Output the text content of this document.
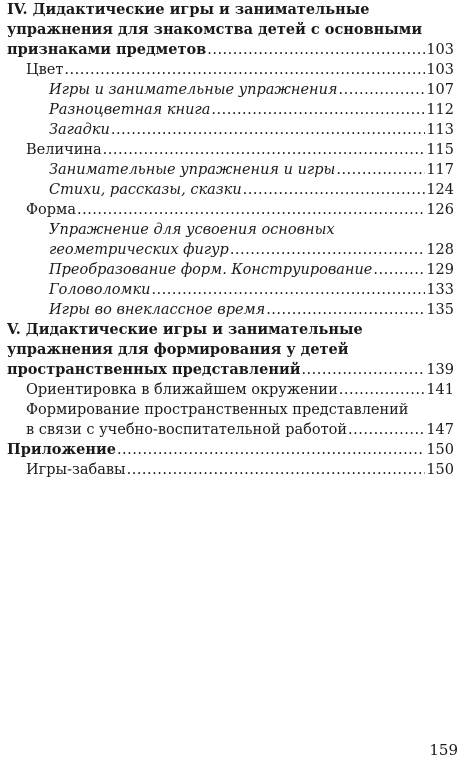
IV. Дидактические игры и занимательные
упражнения для знакомства детей с основными
признаками предметов .....	103
Цвет .....	103
Игры и занимательные упражнения .....	107
Разноцветная книга .....	112
Загадки .....	113
Величина .....	115
Занимательные упражнения и игры .....	117
Стихи, рассказы, сказки .....	124
Форма .....	126
Упражнение для усвоения основных
геометрических фигур .....	128
Преобразование форм. Конструирование .....	129
Головоломки .....	133
Игры во внеклассное время .....	135
V. Дидактические игры и занимательные
упражнения для формирования у детей
пространственных представлений .....	139
Ориентировка в ближайшем окружении .....	141
Формирование пространственных представлений
в связи с учебно-воспитательной работой .....	147
Приложение .....	150
Игры-забавы .....	150
159
